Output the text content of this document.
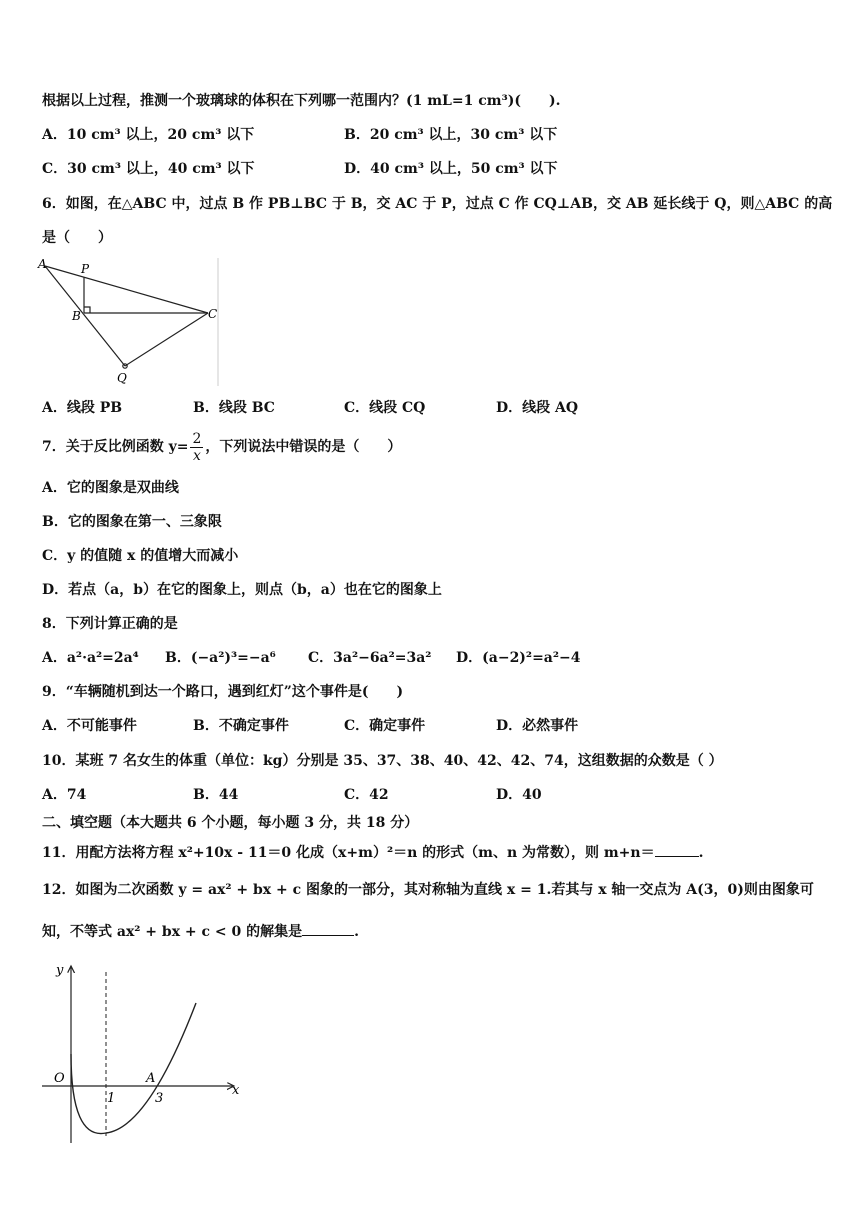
根据以上过程，推测一个玻璃球的体积在下列哪一范围内？(1 mL=1 cm³)(　　).
A．10 cm³ 以上，20 cm³ 以下	B．20 cm³ 以上，30 cm³ 以下
C．30 cm³ 以上，40 cm³ 以下	D．40 cm³ 以上，50 cm³ 以下
6．如图，在△ABC 中，过点 B 作 PB⊥BC 于 B，交 AC 于 P，过点 C 作 CQ⊥AB，交 AB 延长线于 Q，则△ABC 的高
是（　　）
A	P
B	C
Q
A．线段 PB	B．线段 BC	C．线段 CQ	D．线段 AQ
7．关于反比例函数 $y= \frac{2}{x}$ ，下列说法中错误的是（　　）
A．它的图象是双曲线
B．它的图象在第一、三象限
C．y 的值随 x 的值增大而减小
D．若点（a，b）在它的图象上，则点（b，a）也在它的图象上
8．下列计算正确的是
A．a²·a²=2a⁴ B．(−a²)³=−a⁶ C．3a²−6a²=3a² D．(a−2)²=a²−4
9．“车辆随机到达一个路口，遇到红灯”这个事件是(　　)
A．不可能事件	B．不确定事件	C．确定事件	D．必然事件
10．某班 7 名女生的体重（单位：kg）分别是 35、37、38、40、42、42、74，这组数据的众数是（ ）
A．74	B．44	C．42	D．40
二、填空题（本大题共 6 个小题，每小题 3 分，共 18 分）
11．用配方法将方程 x²+10x - 11＝0 化成（x+m）²＝n 的形式（m、n 为常数），则 m+n＝	.
12．如图为二次函数 y = ax² + bx + c 图象的一部分，其对称轴为直线 x = 1.若其与 x 轴一交点为 A(3，0)则由图象可
知，不等式 ax² + bx + c < 0 的解集是	.
y
x
O	A
1	3
